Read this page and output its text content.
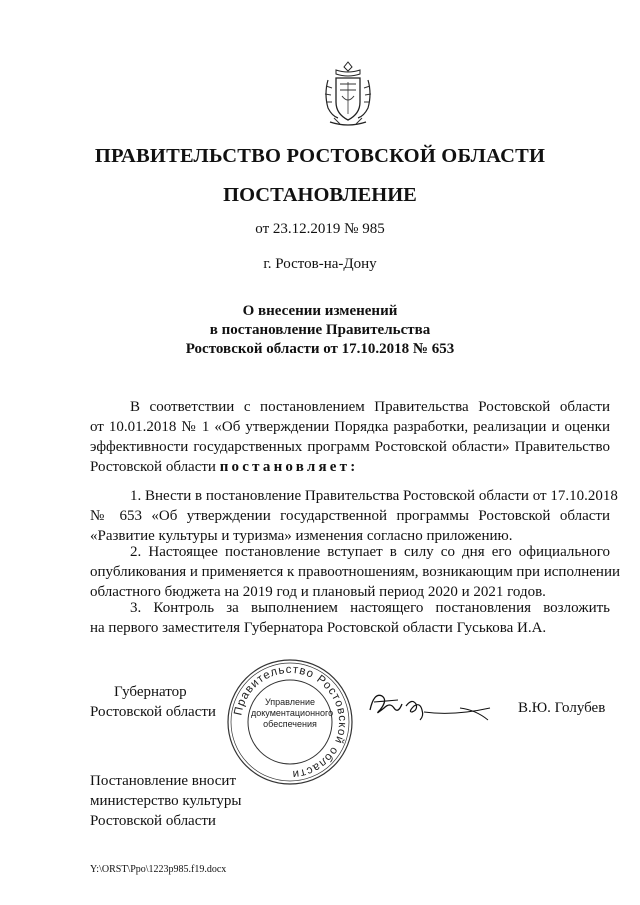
ПРАВИТЕЛЬСТВО РОСТОВСКОЙ ОБЛАСТИ
ПОСТАНОВЛЕНИЕ
от 23.12.2019 № 985
г. Ростов-на-Дону
О внесении изменений
в постановление Правительства
Ростовской области от 17.10.2018 № 653
В соответствии с постановлением Правительства Ростовской области
от 10.01.2018 № 1 «Об утверждении Порядка разработки, реализации и оценки
эффективности государственных программ Ростовской области» Правительство
Ростовской области постановляет:
1. Внести в постановление Правительства Ростовской области от 17.10.2018
№ 653 «Об утверждении государственной программы Ростовской области
«Развитие культуры и туризма» изменения согласно приложению.
2. Настоящее постановление вступает в силу со дня его официального
опубликования и применяется к правоотношениям, возникающим при исполнении
областного бюджета на 2019 год и плановый период 2020 и 2021 годов.
3. Контроль за выполнением настоящего постановления возложить
на первого заместителя Губернатора Ростовской области Гуськова И.А.
Губернатор
Ростовской области Правительство Ростовской области
Управление
документационного
обеспечения
В.Ю. Голубев
Постановление вносит
министерство культуры
Ростовской области
Y:\ORST\Ppo\1223p985.f19.docx
